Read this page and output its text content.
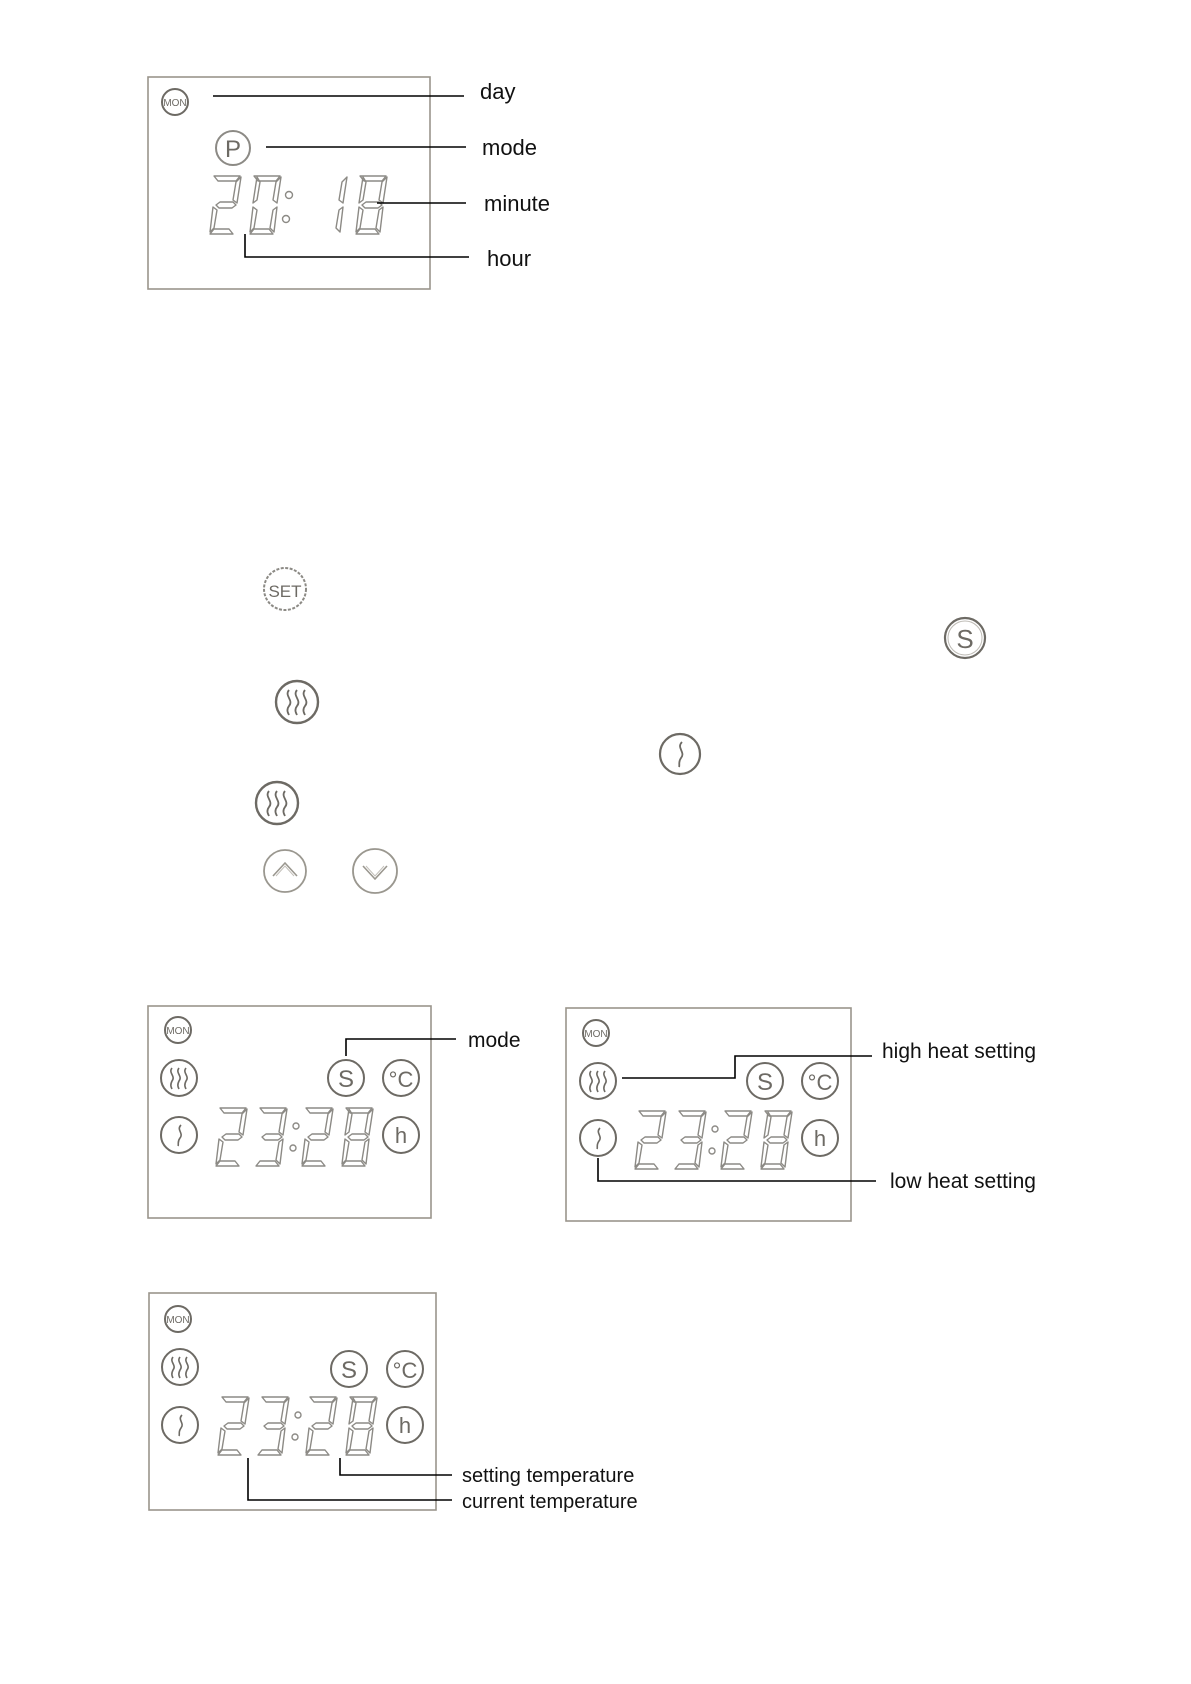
MON
P
day
mode
minute
hour
SET
S
MON
S °C
h
mode	MON
S °C
h
high heat setting
low heat setting
MON
S °C
h
setting temperature
current temperature
